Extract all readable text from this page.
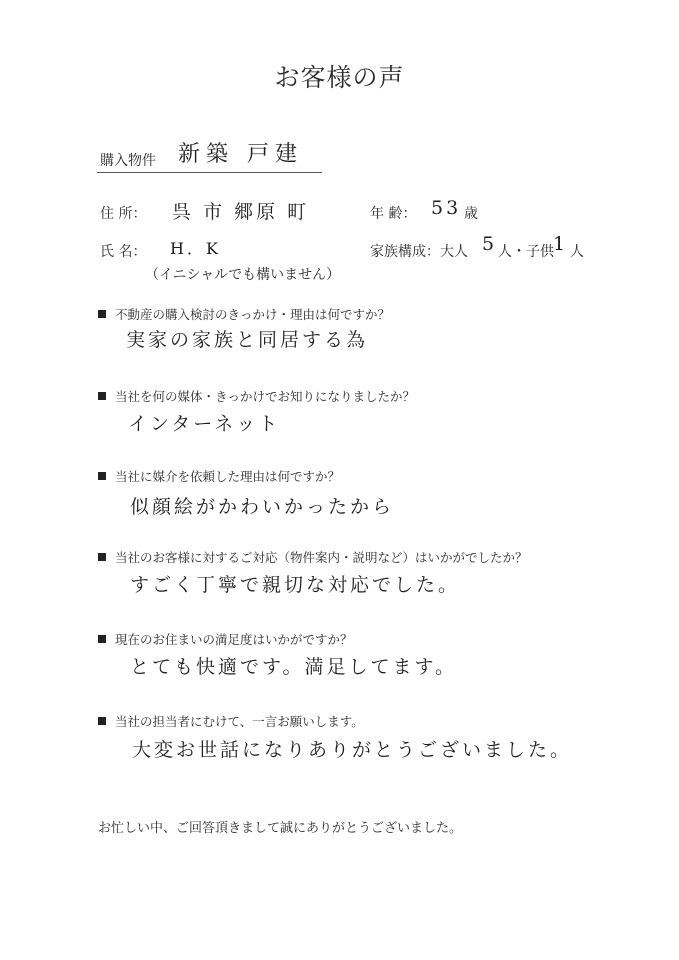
お客様の声
購入物件 新築 戸建
住 所： 呉 市 郷原 町	年 齢： 53 歳
氏 名： H．K
（イニシャルでも構いません）
家族構成：大人 5 人・子供 1 人
不動産の購入検討のきっかけ・理由は何ですか？
実家の家族と同居する為
当社を何の媒体・きっかけでお知りになりましたか？
インターネット
当社に媒介を依頼した理由は何ですか？
似顔絵がかわいかったから
当社のお客様に対するご対応（物件案内・説明など）はいかがでしたか？
すごく丁寧で親切な対応でした。
現在のお住まいの満足度はいかがですか？
とても快適です。満足してます。
当社の担当者にむけて、一言お願いします。
大変お世話になりありがとうございました。
お忙しい中、ご回答頂きまして誠にありがとうございました。
